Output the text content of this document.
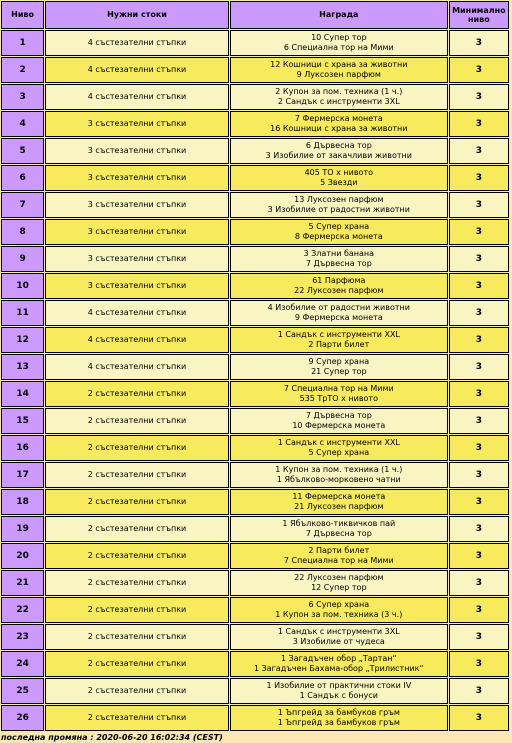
Ниво	Нужни стоки	Награда	Минимално
ниво
1	4 състезателни стъпки	10 Супер тор
6 Специална тор на Мими	3
2	4 състезателни стъпки	12 Кошници с храна за животни
9 Луксозен парфюм	3
3	4 състезателни стъпки	2 Купон за пом. техника (1 ч.)
2 Сандък с инструменти 3XL	3
4	3 състезателни стъпки	7 Фермерска монета
16 Кошници с храна за животни	3
5	3 състезателни стъпки	6 Дървесна тор
3 Изобилие от закачливи животни	3
6	3 състезателни стъпки	405 ТО х нивото
5 Звезди	3
7	3 състезателни стъпки	13 Луксозен парфюм
3 Изобилие от радостни животни	3
8	3 състезателни стъпки	5 Супер храна
8 Фермерска монета	3
9	3 състезателни стъпки	3 Златни банана
7 Дървесна тор	3
10	3 състезателни стъпки	61 Парфюма
22 Луксозен парфюм	3
11	4 състезателни стъпки	4 Изобилие от радостни животни
9 Фермерска монета	3
12	4 състезателни стъпки	1 Сандък с инструменти XXL
2 Парти билет	3
13	4 състезателни стъпки	9 Супер храна
21 Супер тор	3
14	2 състезателни стъпки	7 Специална тор на Мими
535 ТрТО х нивото	3
15	2 състезателни стъпки	7 Дървесна тор
10 Фермерска монета	3
16	2 състезателни стъпки	1 Сандък с инструменти XXL
5 Супер храна	3
17	2 състезателни стъпки	1 Купон за пом. техника (1 ч.)
1 Ябълково-морковено чатни	3
18	2 състезателни стъпки	11 Фермерска монета
21 Луксозен парфюм	3
19	2 състезателни стъпки	1 Ябълково-тиквичков пай
7 Дървесна тор	3
20	2 състезателни стъпки	2 Парти билет
7 Специална тор на Мими	3
21	2 състезателни стъпки	22 Луксозен парфюм
12 Супер тор	3
22	2 състезателни стъпки	6 Супер храна
1 Купон за пом. техника (3 ч.)	3
23	2 състезателни стъпки	1 Сандък с инструменти 3XL
3 Изобилие от чудеса	3
24	2 състезателни стъпки	1 Загадъчен обор „Тартан“
1 Загадъчен Бахама-обор „Трилистник“	3
25	2 състезателни стъпки	1 Изобилие от практични стоки IV
1 Сандък с бонуси	3
26	2 състезателни стъпки	1 Ъпгрейд за бамбуков гръм
1 Ъпгрейд за бамбуков гръм	3
последна промяна : 2020-06-20 16:02:34 (CEST)
